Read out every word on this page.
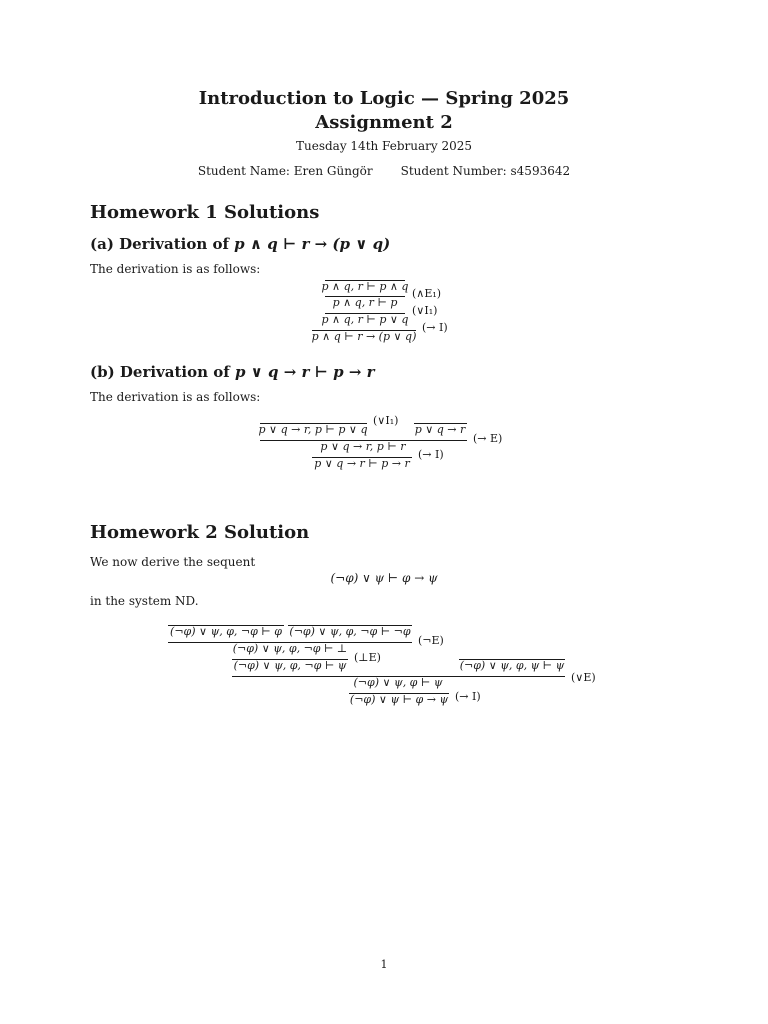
Introduction to Logic — Spring 2025
Assignment 2
Tuesday 14th February 2025
Student Name: Eren Güngör Student Number: s4593642
Homework 1 Solutions
(a) Derivation of p ∧ q ⊢ r → (p ∨ q)
The derivation is as follows:
p ∧ q, r ⊢ p ∧ q
(∧E₁)
p ∧ q, r ⊢ p
(∨I₁)
p ∧ q, r ⊢ p ∨ q
(→ I)
p ∧ q ⊢ r → (p ∨ q)
(b) Derivation of p ∨ q → r ⊢ p → r
The derivation is as follows:
(∨I₁)
p ∨ q → r, p ⊢ p ∨ q	p ∨ q → r
(→ E)
p ∨ q → r, p ⊢ r
(→ I)
p ∨ q → r ⊢ p → r
Homework 2 Solution
We now derive the sequent
(¬φ) ∨ ψ ⊢ φ → ψ
in the system ND.
(¬φ) ∨ ψ, φ, ¬φ ⊢ φ (¬φ) ∨ ψ, φ, ¬φ ⊢ ¬φ
(¬E)
(¬φ) ∨ ψ, φ, ¬φ ⊢ ⊥
(⊥E)
(¬φ) ∨ ψ, φ, ¬φ ⊢ ψ	(¬φ) ∨ ψ, φ, ψ ⊢ ψ
(∨E)
(¬φ) ∨ ψ, φ ⊢ ψ
(→ I)
(¬φ) ∨ ψ ⊢ φ → ψ
1
